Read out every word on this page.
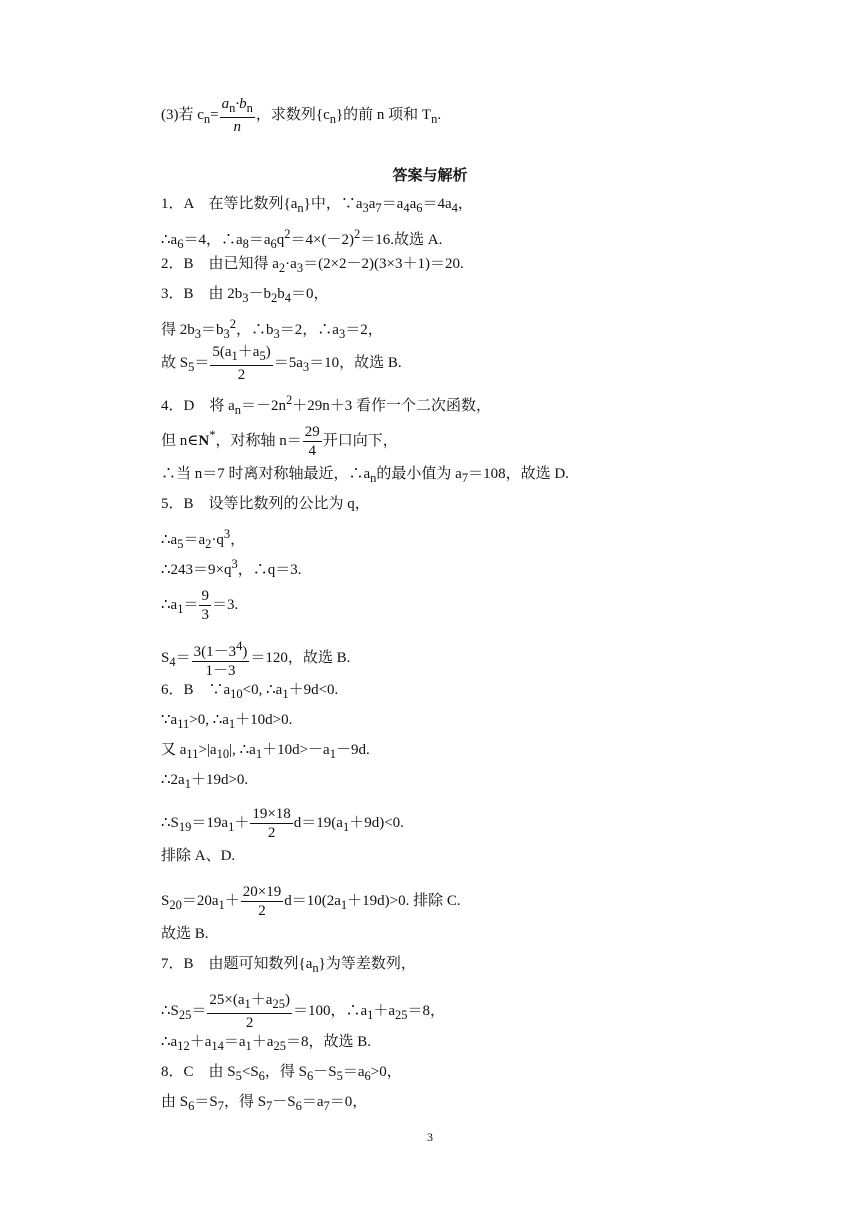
(3)若 $c_n= \frac{a_n\cdot b_n}{n}$ ，求数列$\{c_n\}$的前 n 项和 $T_n$.
答案与解析
1．A　在等比数列$\{a_n\}$中，$\because a_3a_7=a_4a_6=4a_4$，
$\therefore a_6=4$，$\therefore a_8=a_6q^2=4\times(-2)^2=16$.故选 A.
2．B　由已知得 $a_2\cdot a_3=(2\times 2-2)(3\times 3+1)=20$.
3．B　由 $2b_3-b_2b_4=0$，
得 $2b_3=b_3^2$，$\therefore b_3=2$，$\therefore a_3=2$，
故 $S_5= \frac{5(a_1+a_5)}{2} =5a_3=10$，故选 B.
4．D　将 $a_n=-2n^2+29n+3$ 看作一个二次函数，
但 n∈N*，对称轴 $n= \frac{29}{4}$ 开口向下，
∴当 n＝7 时离对称轴最近，$\therefore a_n$的最小值为 $a_7=108$，故选 D.
5．B　设等比数列的公比为 q，
$\therefore a_5=a_2\cdot q^3$，
$\therefore 243=9\times q^3$，∴q＝3.
$\therefore a_1= \frac{9}{3} =3$.
$S_4= \frac{3(1-3^4)}{1-3} =120$，故选 B.
6．B　$\because a_{10}<0$, $\therefore a_1+9d<0$.
$\because a_{11}>0$, $\therefore a_1+10d>0$.
又 $a_{11}>|a_{10}|$, $\therefore a_1+10d>-a_1-9d$.
$\therefore 2a_1+19d>0$.
$\therefore S_{19}=19a_1+ \frac{19\times 18}{2} d=19(a_1+9d)<0$.
排除 A、D.
$S_{20}=20a_1+ \frac{20\times 19}{2} d=10(2a_1+19d)>0$. 排除 C.
故选 B.
7．B　由题可知数列$\{a_n\}$为等差数列，
$\therefore S_{25}= \frac{25\times(a_1+a_{25})}{2} =100$，$\therefore a_1+a_{25}=8$，
$\therefore a_{12}+a_{14}=a_1+a_{25}=8$，故选 B.
8．C　由 $S_5<S_6$，得 $S_6-S_5=a_6>0$，
由 $S_6=S_7$，得 $S_7-S_6=a_7=0$，
3
